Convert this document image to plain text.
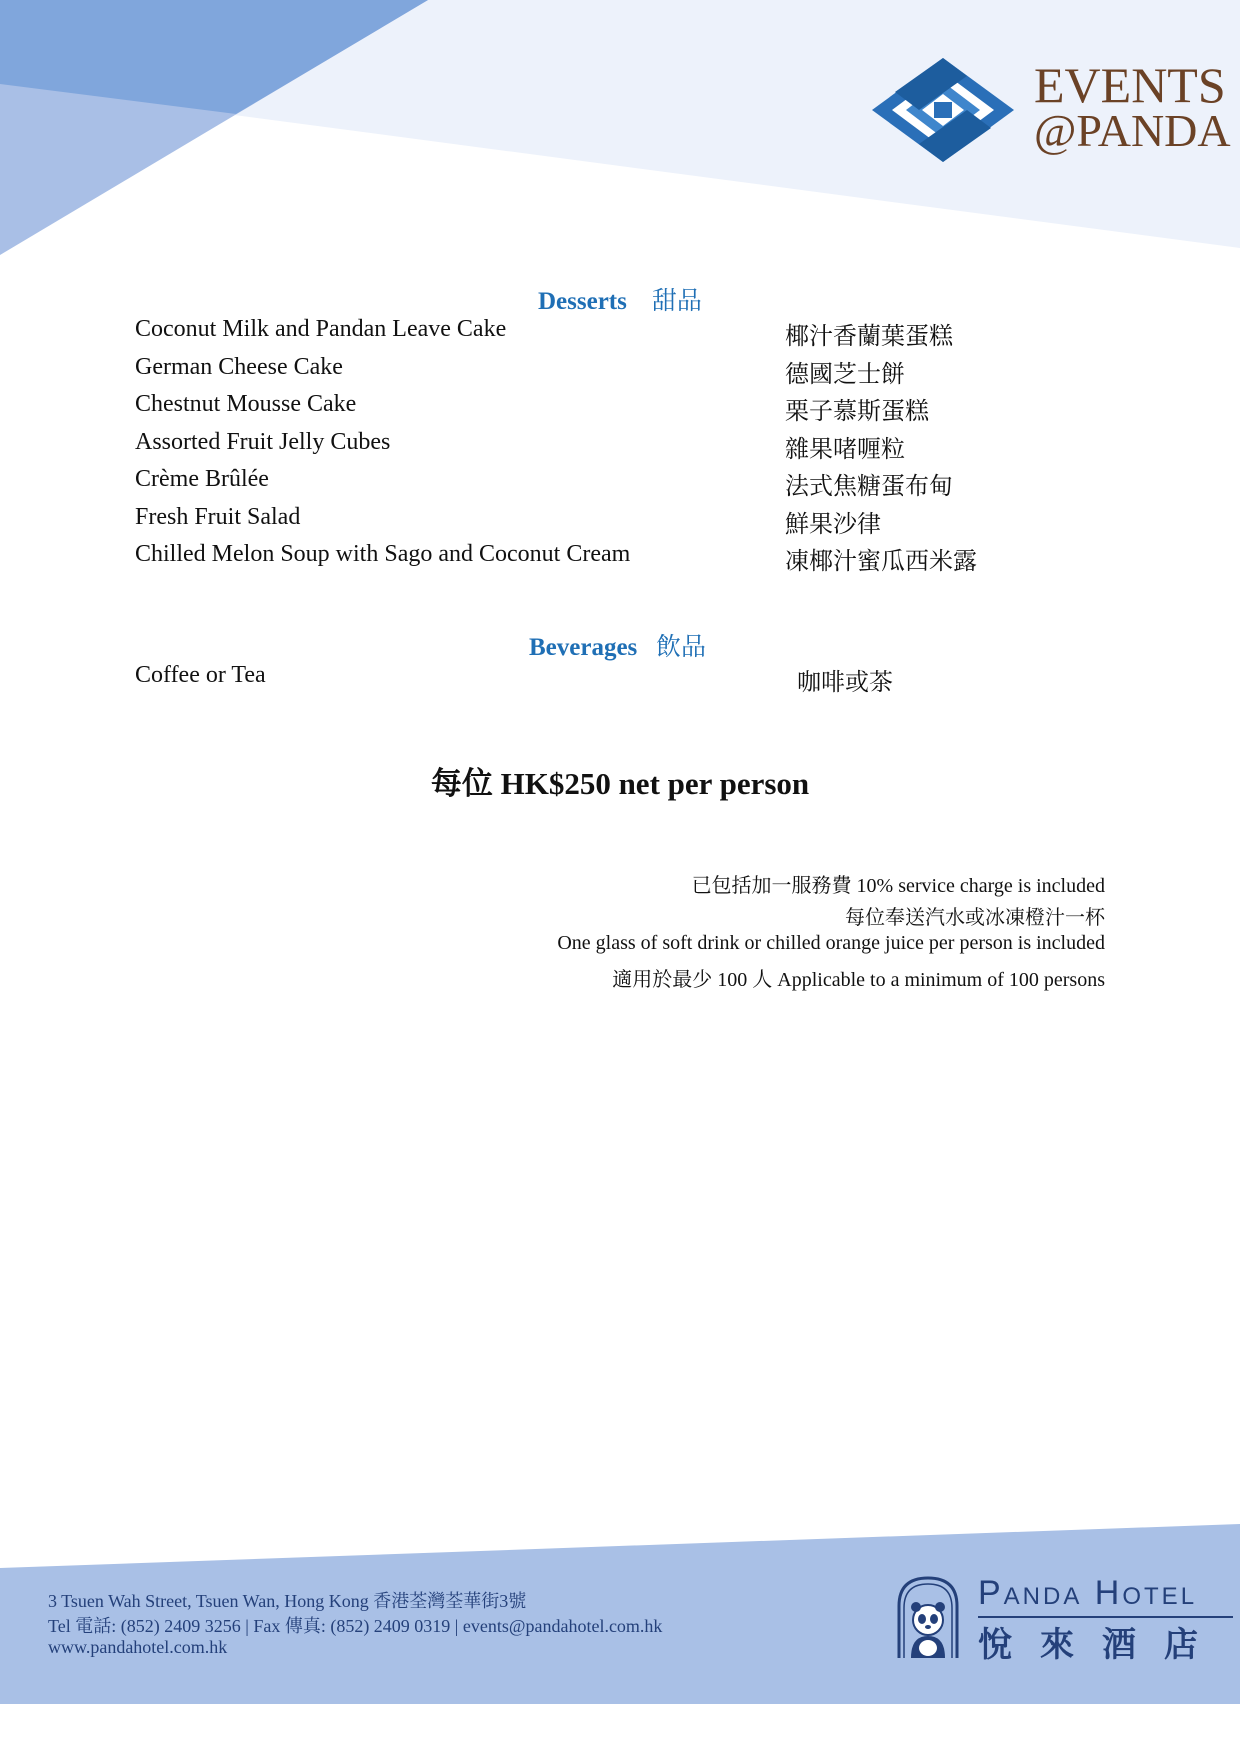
EVENTS
@PANDA
Desserts 甜品
Coconut Milk and Pandan Leave Cake	椰汁香蘭葉蛋糕
German Cheese Cake	德國芝士餅
Chestnut Mousse Cake	栗子慕斯蛋糕
Assorted Fruit Jelly Cubes	雜果啫喱粒
Crème Brûlée	法式焦糖蛋布甸
Fresh Fruit Salad	鮮果沙律
Chilled Melon Soup with Sago and Coconut Cream	凍椰汁蜜瓜西米露
Beverages 飲品
Coffee or Tea	咖啡或茶
每位 HK$250 net per person
已包括加一服務費 10% service charge is included
每位奉送汽水或冰凍橙汁一杯
One glass of soft drink or chilled orange juice per person is included
適用於最少 100 人 Applicable to a minimum of 100 persons
3 Tsuen Wah Street, Tsuen Wan, Hong Kong 香港荃灣荃華街3號
Tel 電話: (852) 2409 3256 | Fax 傳真: (852) 2409 0319 | events@pandahotel.com.hk
www.pandahotel.com.hk
Panda Hotel
悅來酒店
